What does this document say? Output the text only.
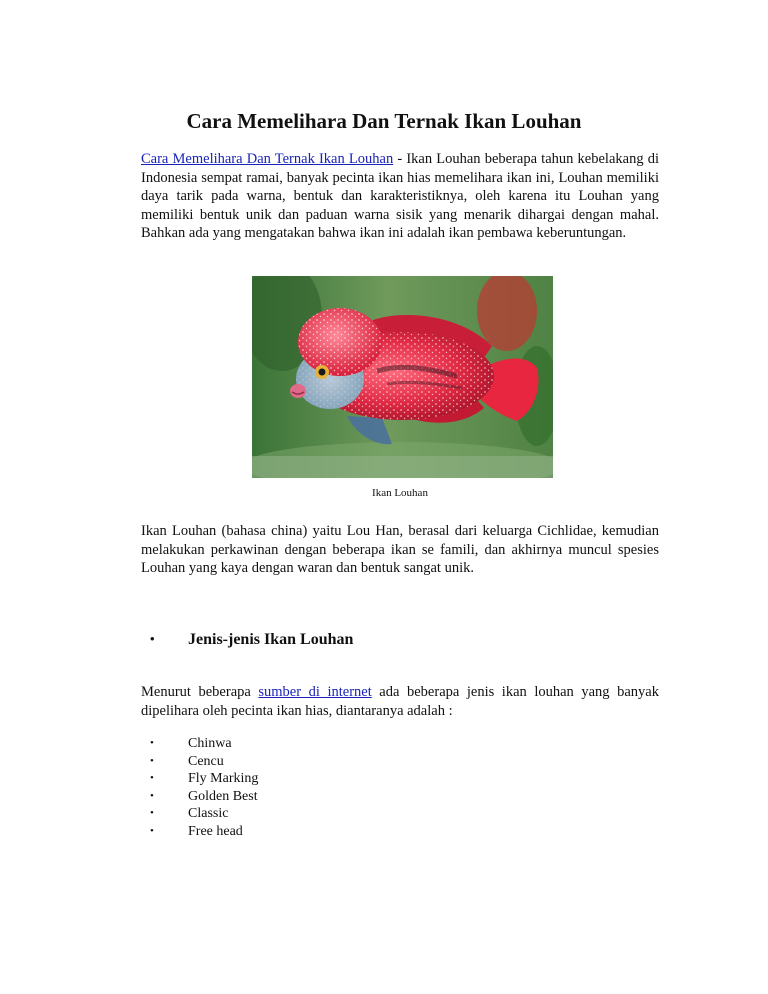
Cara Memelihara Dan Ternak Ikan Louhan

Cara Memelihara Dan Ternak Ikan Louhan - Ikan Louhan beberapa tahun kebelakang di Indonesia sempat ramai, banyak pecinta ikan hias memelihara ikan ini, Louhan memiliki daya tarik pada warna, bentuk dan karakteristiknya, oleh karena itu Louhan yang memiliki bentuk unik dan paduan warna sisik yang menarik dihargai dengan mahal. Bahkan ada yang mengatakan bahwa ikan ini adalah ikan pembawa keberuntungan.

Ikan Louhan

Ikan Louhan (bahasa china) yaitu Lou Han, berasal dari keluarga Cichlidae, kemudian melakukan perkawinan dengan beberapa ikan se famili, dan akhirnya muncul spesies Louhan yang kaya dengan waran dan bentuk sangat unik.

• Jenis-jenis Ikan Louhan

Menurut beberapa sumber di internet ada beberapa jenis ikan louhan yang banyak dipelihara oleh pecinta ikan hias, diantaranya adalah :

• Chinwa
• Cencu
• Fly Marking
• Golden Best
• Classic
• Free head
